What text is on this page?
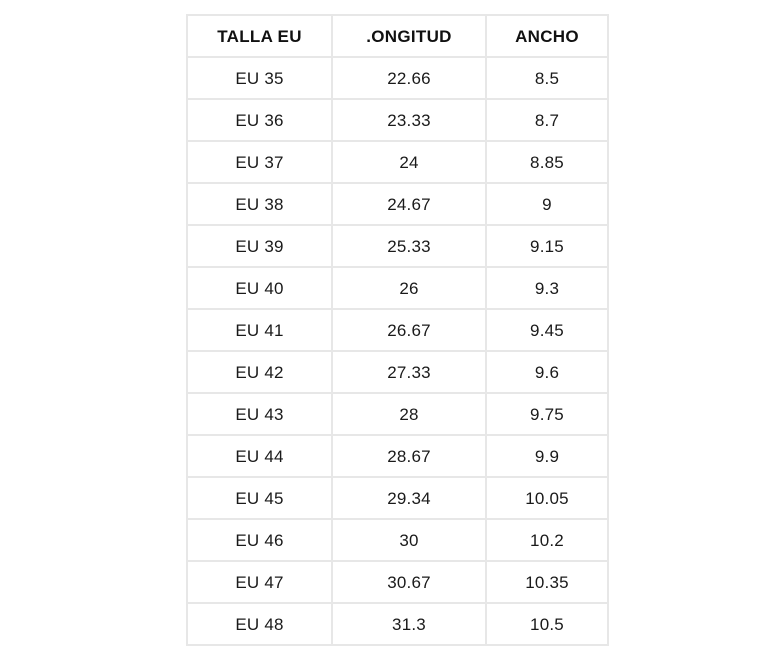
TALLA EU	.ONGITUD	ANCHO
EU 35	22.66	8.5
EU 36	23.33	8.7
EU 37	24	8.85
EU 38	24.67	9
EU 39	25.33	9.15
EU 40	26	9.3
EU 41	26.67	9.45
EU 42	27.33	9.6
EU 43	28	9.75
EU 44	28.67	9.9
EU 45	29.34	10.05
EU 46	30	10.2
EU 47	30.67	10.35
EU 48	31.3	10.5
